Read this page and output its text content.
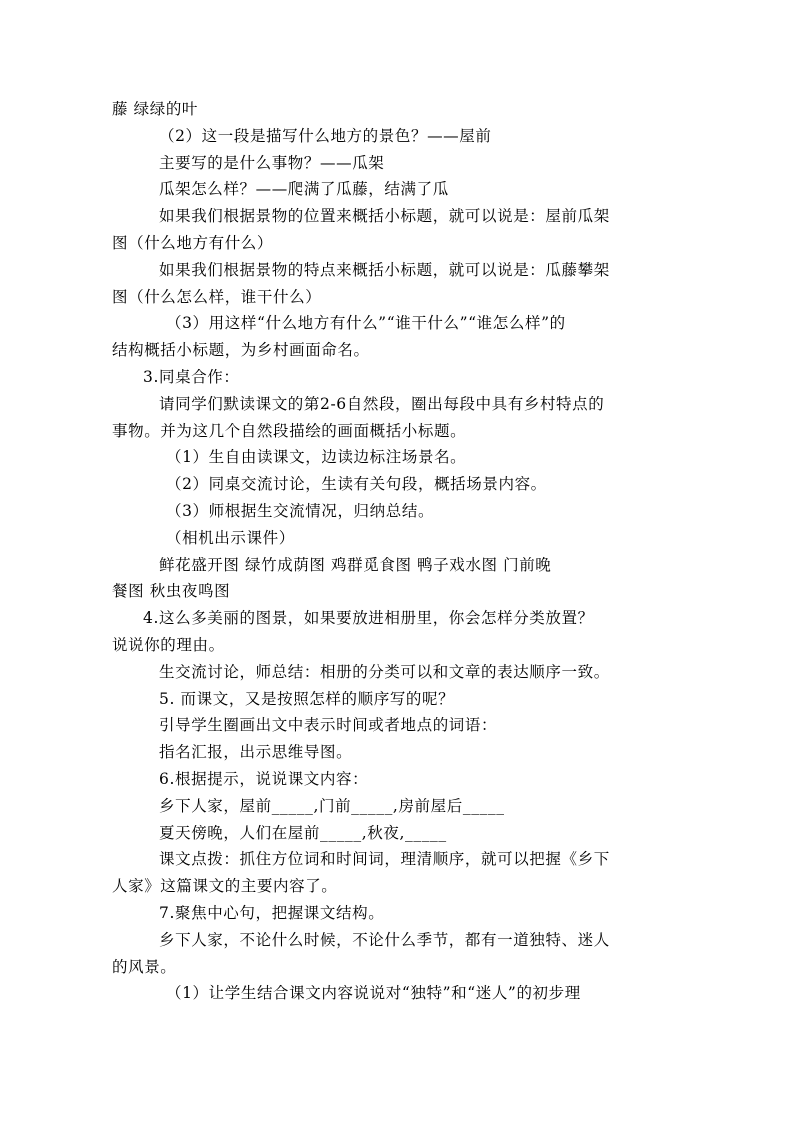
藤 绿绿的叶
（2）这一段是描写什么地方的景色？——屋前
主要写的是什么事物？——瓜架
瓜架怎么样？——爬满了瓜藤，结满了瓜
如果我们根据景物的位置来概括小标题，就可以说是：屋前瓜架
图（什么地方有什么）
如果我们根据景物的特点来概括小标题，就可以说是：瓜藤攀架
图（什么怎么样，谁干什么）
（3）用这样“什么地方有什么”“谁干什么”“谁怎么样”的
结构概括小标题，为乡村画面命名。
3.同桌合作：
请同学们默读课文的第2-6自然段，圈出每段中具有乡村特点的
事物。并为这几个自然段描绘的画面概括小标题。
（1）生自由读课文，边读边标注场景名。
（2）同桌交流讨论，生读有关句段，概括场景内容。
（3）师根据生交流情况，归纳总结。
（相机出示课件）
鲜花盛开图 绿竹成荫图 鸡群觅食图 鸭子戏水图 门前晚
餐图 秋虫夜鸣图
4.这么多美丽的图景，如果要放进相册里，你会怎样分类放置？
说说你的理由。
生交流讨论，师总结：相册的分类可以和文章的表达顺序一致。
5. 而课文，又是按照怎样的顺序写的呢？
引导学生圈画出文中表示时间或者地点的词语：
指名汇报，出示思维导图。
6.根据提示，说说课文内容：
乡下人家，屋前_____,门前_____,房前屋后_____
夏天傍晚，人们在屋前_____,秋夜,_____
课文点拨：抓住方位词和时间词，理清顺序，就可以把握《乡下
人家》这篇课文的主要内容了。
7.聚焦中心句，把握课文结构。
乡下人家，不论什么时候，不论什么季节，都有一道独特、迷人
的风景。
（1）让学生结合课文内容说说对“独特”和“迷人”的初步理
